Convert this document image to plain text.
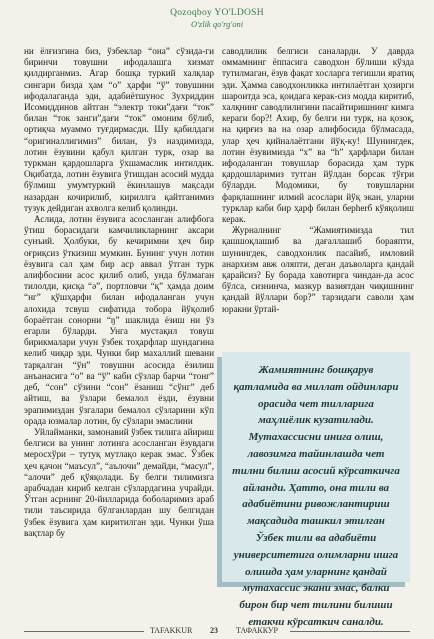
Qozoqboy YO'LDOSH
O'zlik qo'rg'oni

ни ёлғизгина биз, ўзбеклар “она” сўзида-ги биринчи товушни ифодалашга хизмат қилдирганмиз. Агар бошқа туркий халқлар сингари биздa ҳам “о” ҳарфи “ў” товушини ифодалаганда эди, адабиётшунос Зухриддин Исомиддинов айтган “электр токи”дағи “ток” билан “ток занги”дағи “ток” омоним бўлиб, ортиқча муаммо туғдирмасди. Шу қабилдаги “оригиналлигимиз” билан, ўз наздимизда, лотин ёзувини қабул қилган турк, озар ва туркман қардошларга ўхшамаслик интилдик. Оқибатда, лотин ёзувига ўтишдан асосий мудда бўлмиш умумтуркий ёкинлашув мақсади назардан кочирилиб, кириллга қайтганимиз тузук дейдиган ахволга келиб қолинди.

Аслида, лотин ёзувига асосланган алифбога ўтиш борасидаги камчиликларнинг аксари сунъий. Ҳолбуки, бу кечиримни ҳеч бир оғриқсиз ўткизиш мумкин. Бунинг учун лотин ёзувига сал ҳам бир аср аввал ўтган турк алифбосини асос қилиб олиб, унда бўлмаган тилолди, қисқа “ә”, портловчи “қ” ҳамда доим “нг” қўшҳарфи билан ифодаланган учун алохида тсвуш сифатида тоборa йўқолиб бораётган сонорни “ŋ” шаклида ёзиш ни ўз егарли бўларди. Унга мустақил товуш бирикмалари учун ўзбек тоҳарфлар шундагина келиб чиқар эди. Чунки бир махаллий шевани тарқалган “ўн” товушни асосида ёзилиш анъанасига “о” ва “ў” каби сўзлар барчи “тонг” деб, “сон” сўзини “сон” ёзаниш “сўнг” деб айтиш, ва ўзлари бемалол ёзди, ёзувни эрапимиздан ўзгалари бемалол сўзларини кўп орада юзмалар лотин, бу сўзлари эмаслини

Уйлайманки, замонавий ўзбек тилига айириш белгиси ва унинг лотинга асосланган ёзувдаги меросхўри – тутуқ мутлақо керак эмас. Ўзбек ҳеч қачон “маъсул”, “аълочи” демайди, “масул”, “алочи” деб қўяқолади. Бу белги тилимизга арабчадан кириб келган сўзлардагина учрайди. Ўтган асрнинг 20-йилларида боболаримиз араб тили таъсирида бўлганлардан шу белгидан ўзбек ёзувига ҳам киритилган эди. Чунки ўша вақтлар бу

саводлилик белгиси саналарди. У даврда оммамнинг ёппасига саводхон бўлиши кўзда тутилмаган, ёзув фақат хосларга тегишли яратиқ эди. Ҳамма саводхонликка интилаётган ҳозирги шароитда эса, қоидага керак-сиз модда киритиб, халқнинг саводлилигини пасайтиришнинг кимга кераги бор?! Ахир, бу белги ни турк, на қозоқ, на қирғиз ва на озар алифбосида бўлмасада, улар ҳеч қийналаётгани йўқ-ку! Шунингдек, лотин ёзувимизда “x” ва “h” ҳарфлари билан ифодаланган товушлар борасида ҳам турк қардошларимиз тутган йўлдан борсак тўғри бўларди. Модомики, бу товушларни фарқлашнинг илмий асослари йўқ экан, уларни турклар каби бир ҳарф билан берherб кўяқолиш керак.

Журналнинг “Жамиятимизда тил қашшоқлашиб ва дағаллашиб бораяпти, шунингдек, саводхонлик пасайиб, имловий анархизм авж оляпти, деган даъволарга қандай қарайсиз? Бу борада хавотирга чиндан-да асос бўлса, сизнинча, мазкур вазиятдан чиқишнинг қандай йўллари бор?” тарзидаги саволи ҳам юракни ўртай-

Жамиятнинг бошқарув қатламида ва миллат ойдинлари орасида чет тилларига маҳлиёлик кузатилади. Мутахассисни инига олиш, лавозимга тайинлашда чет тилни билиш асосий кўрсаткичга айланди. Ҳатто, она тили ва адабиётини ривожлантириш мақсадида ташкил этилган Ўзбек тили ва адабиёти университетига олимларни ишга олишда ҳам уларнинг қандай мутахассис экани эмас, балки бирон бир чет тилини билиши етакчи кўрсаткич саналди.
TAFAKKUR 23 ТАФАККУР
